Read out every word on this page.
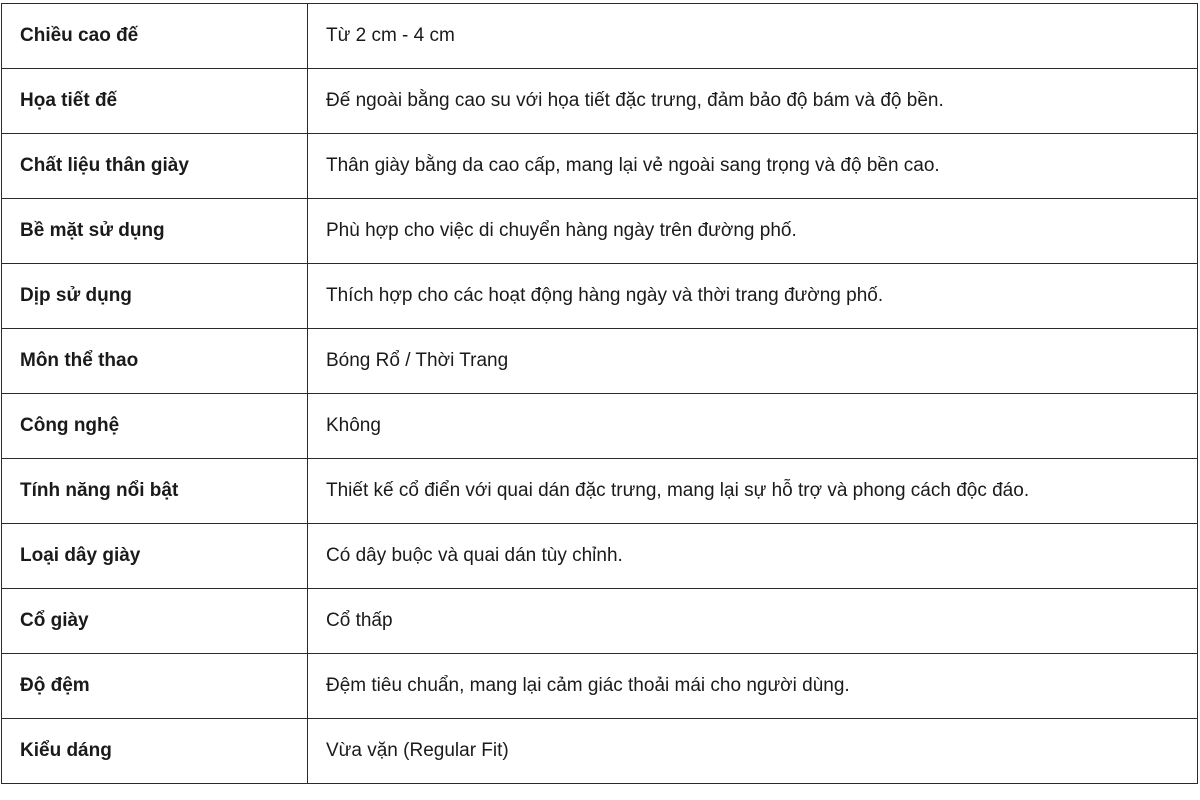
Chiều cao đế	Từ 2 cm - 4 cm
Họa tiết đế	Đế ngoài bằng cao su với họa tiết đặc trưng, đảm bảo độ bám và độ bền.
Chất liệu thân giày	Thân giày bằng da cao cấp, mang lại vẻ ngoài sang trọng và độ bền cao.
Bề mặt sử dụng	Phù hợp cho việc di chuyển hàng ngày trên đường phố.
Dịp sử dụng	Thích hợp cho các hoạt động hàng ngày và thời trang đường phố.
Môn thể thao	Bóng Rổ / Thời Trang
Công nghệ	Không
Tính năng nổi bật	Thiết kế cổ điển với quai dán đặc trưng, mang lại sự hỗ trợ và phong cách độc đáo.
Loại dây giày	Có dây buộc và quai dán tùy chỉnh.
Cổ giày	Cổ thấp
Độ đệm	Đệm tiêu chuẩn, mang lại cảm giác thoải mái cho người dùng.
Kiểu dáng	Vừa vặn (Regular Fit)
